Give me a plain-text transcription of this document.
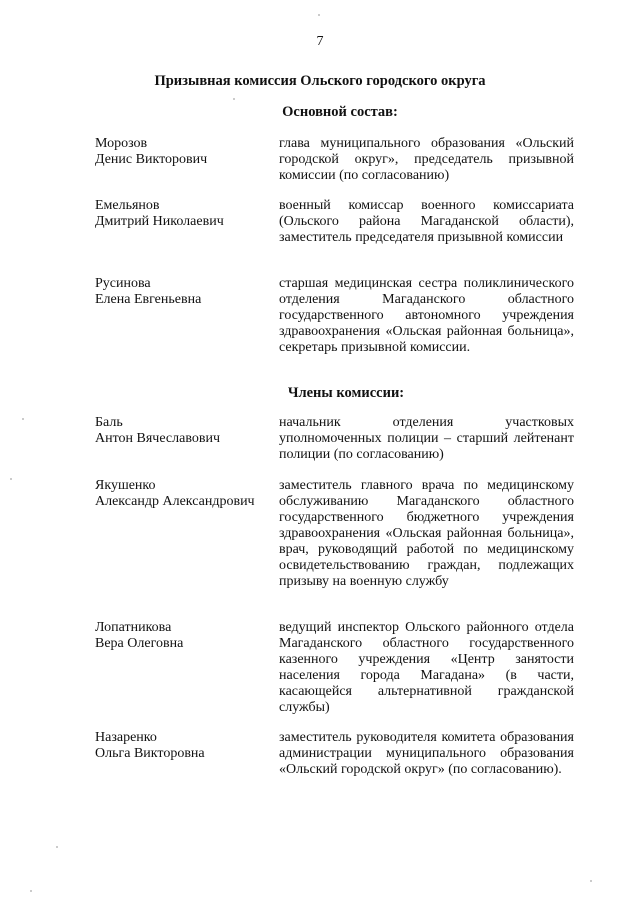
7
Призывная комиссия Ольского городского округа
Основной состав:
Морозов
Денис Викторович
глава муниципального образования «Ольский городской округ», председатель призывной комиссии (по согласованию)
Емельянов
Дмитрий Николаевич
военный комиссар военного комиссариата (Ольского района Магаданской области), заместитель председателя призывной комиссии
Русинова
Елена Евгеньевна
старшая медицинская сестра поликлинического отделения Магаданского областного государственного автономного учреждения здравоохранения «Ольская районная больница», секретарь призывной комиссии.
Члены комиссии:
Баль
Антон Вячеславович
начальник отделения участковых уполномоченных полиции – старший лейтенант полиции (по согласованию)
Якушенко
Александр Александрович
заместитель главного врача по медицинскому обслуживанию Магаданского областного государственного бюджетного учреждения здравоохранения «Ольская районная больница», врач, руководящий работой по медицинскому освидетельствованию граждан, подлежащих призыву на военную службу
Лопатникова
Вера Олеговна
ведущий инспектор Ольского районного отдела Магаданского областного государственного казенного учреждения «Центр занятости населения города Магадана» (в части, касающейся альтернативной гражданской службы)
Назаренко
Ольга Викторовна
заместитель руководителя комитета образования администрации муниципального образования «Ольский городской округ» (по согласованию).
